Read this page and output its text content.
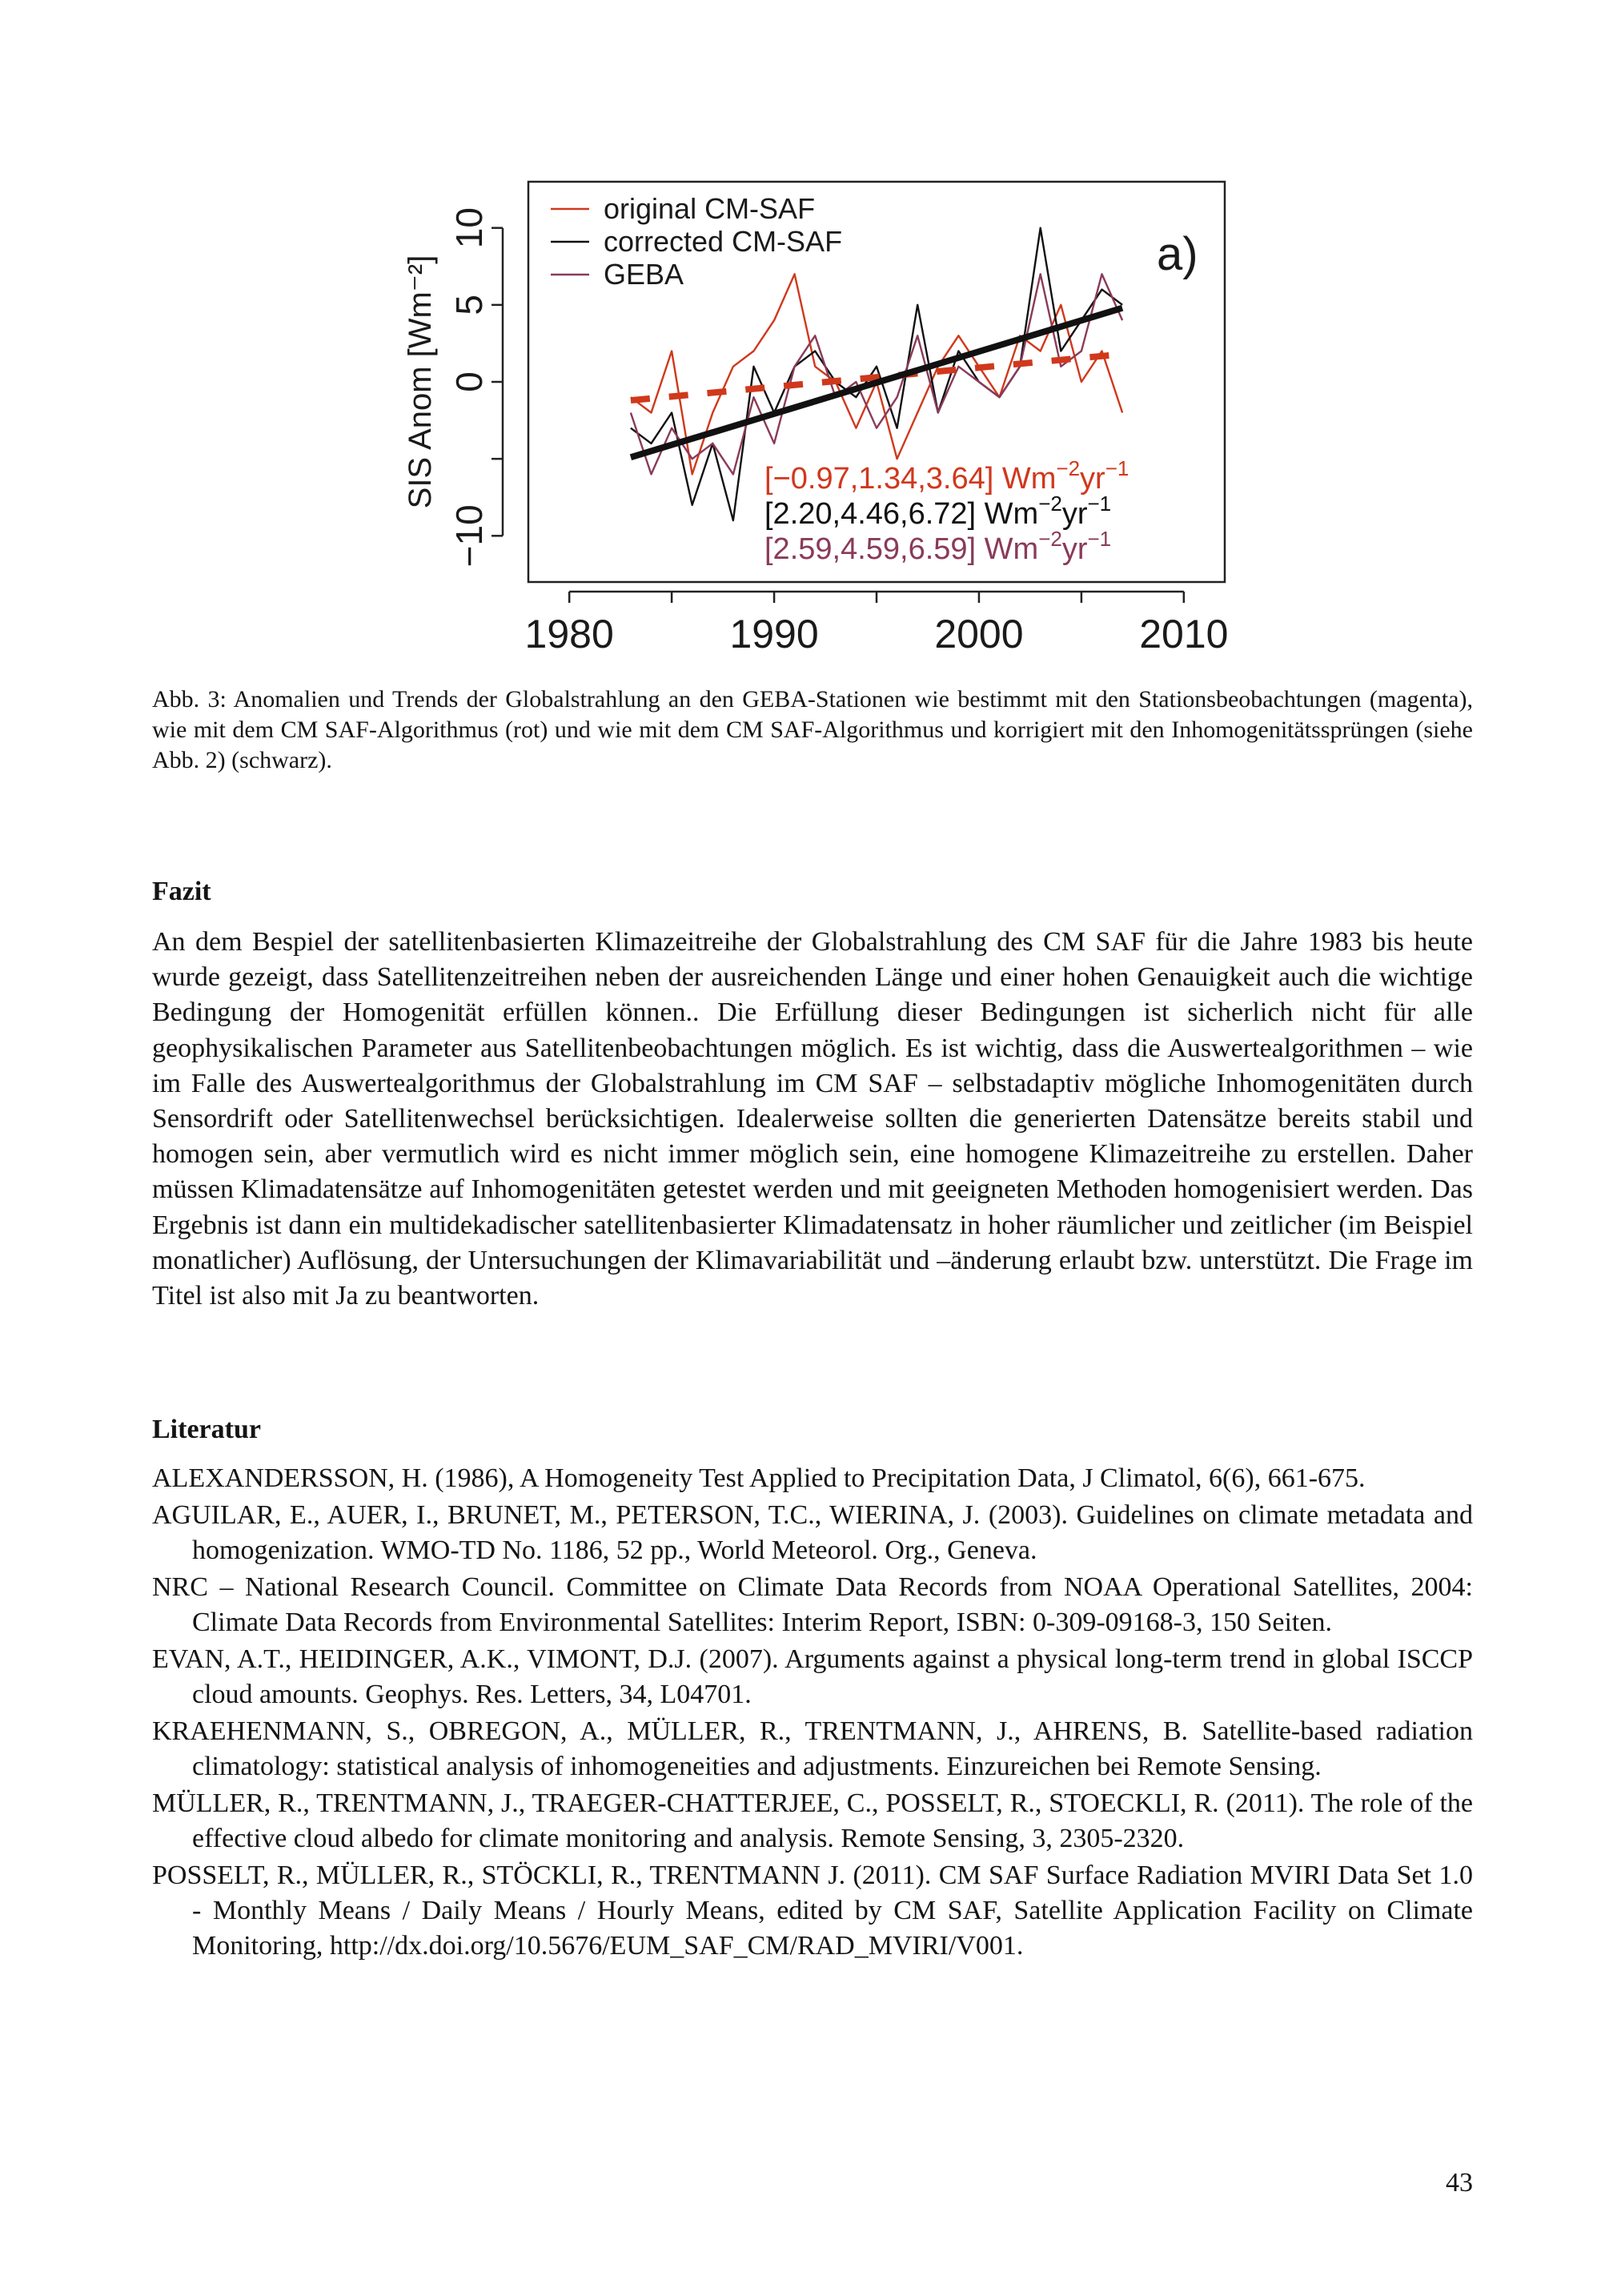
a)
SIS Anom [Wm⁻²]
1980	1990	2000	2010
−10
0
5
10	original CM-SAF
corrected CM-SAF
GEBA
[−0.97,1.34,3.64] $Wm^{-2}yr^{-1}$
[2.20,4.46,6.72] $Wm^{-2}yr^{-1}$
[2.59,4.59,6.59] $Wm^{-2}yr^{-1}$
Abb. 3: Anomalien und Trends der Globalstrahlung an den GEBA-Stationen wie bestimmt mit den Stationsbeobachtungen (magenta), wie mit dem CM SAF-Algorithmus (rot) und wie mit dem CM SAF-Algorithmus und korrigiert mit den Inhomogenitätssprüngen (siehe Abb. 2) (schwarz).
Fazit
An dem Bespiel der satellitenbasierten Klimazeitreihe der Globalstrahlung des CM SAF für die Jahre 1983 bis heute wurde gezeigt, dass Satellitenzeitreihen neben der ausreichenden Länge und einer hohen Genauigkeit auch die wichtige Bedingung der Homogenität erfüllen können.. Die Erfüllung dieser Bedingungen ist sicherlich nicht für alle geophysikalischen Parameter aus Satellitenbeobachtungen möglich. Es ist wichtig, dass die Auswertealgorithmen – wie im Falle des Auswertealgorithmus der Globalstrahlung im CM SAF – selbstadaptiv mögliche Inhomogenitäten durch Sensordrift oder Satellitenwechsel berücksichtigen. Idealerweise sollten die generierten Datensätze bereits stabil und homogen sein, aber vermutlich wird es nicht immer möglich sein, eine homogene Klimazeitreihe zu erstellen. Daher müssen Klimadatensätze auf Inhomogenitäten getestet werden und mit geeigneten Methoden homogenisiert werden. Das Ergebnis ist dann ein multidekadischer satellitenbasierter Klimadatensatz in hoher räumlicher und zeitlicher (im Beispiel monatlicher) Auflösung, der Untersuchungen der Klimavariabilität und –änderung erlaubt bzw. unterstützt. Die Frage im Titel ist also mit Ja zu beantworten.
Literatur

ALEXANDERSSON, H. (1986), A Homogeneity Test Applied to Precipitation Data, J Climatol, 6(6), 661-675.

AGUILAR, E., AUER, I., BRUNET, M., PETERSON, T.C., WIERINA, J. (2003). Guidelines on climate metadata and homogenization. WMO-TD No. 1186, 52 pp., World Meteorol. Org., Geneva.

NRC – National Research Council. Committee on Climate Data Records from NOAA Operational Satellites, 2004: Climate Data Records from Environmental Satellites: Interim Report, ISBN: 0-309-09168-3, 150 Seiten.

EVAN, A.T., HEIDINGER, A.K., VIMONT, D.J. (2007). Arguments against a physical long-term trend in global ISCCP cloud amounts. Geophys. Res. Letters, 34, L04701.

KRAEHENMANN, S., OBREGON, A., MÜLLER, R., TRENTMANN, J., AHRENS, B. Satellite-based radiation climatology: statistical analysis of inhomogeneities and adjustments. Einzureichen bei Remote Sensing.

MÜLLER, R., TRENTMANN, J., TRAEGER-CHATTERJEE, C., POSSELT, R., STOECKLI, R. (2011). The role of the effective cloud albedo for climate monitoring and analysis. Remote Sensing, 3, 2305-2320.

POSSELT, R., MÜLLER, R., STÖCKLI, R., TRENTMANN J. (2011). CM SAF Surface Radiation MVIRI Data Set 1.0 - Monthly Means / Daily Means / Hourly Means, edited by CM SAF, Satellite Application Facility on Climate Monitoring, http://dx.doi.org/10.5676/EUM_SAF_CM/RAD_MVIRI/V001.

43
